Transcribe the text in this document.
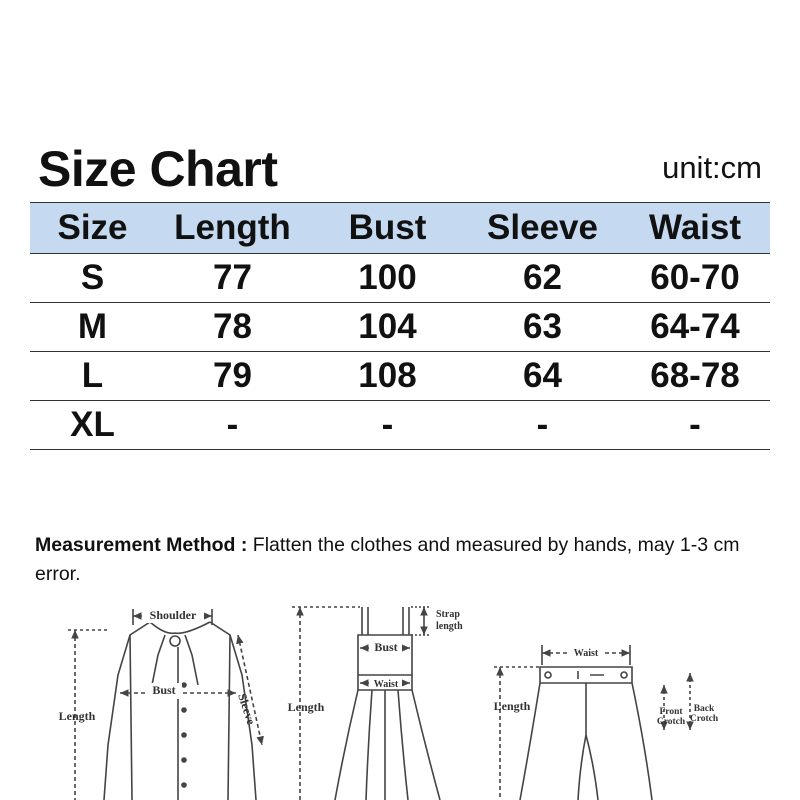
Size Chart	unit:cm
Size	Length	Bust	Sleeve	Waist
S	77	100	62	60-70
M	78	104	63	64-74
L	79	108	64	68-78
XL	-	-	-	-
Measurement Method : Flatten the clothes and measured by hands, may 1-3 cm error.
Shoulder
Bust
Length	Sleeve
Bust
Waist
Strap
length
Length
Waist
Length	Front
Crotch
Back
Crotch
